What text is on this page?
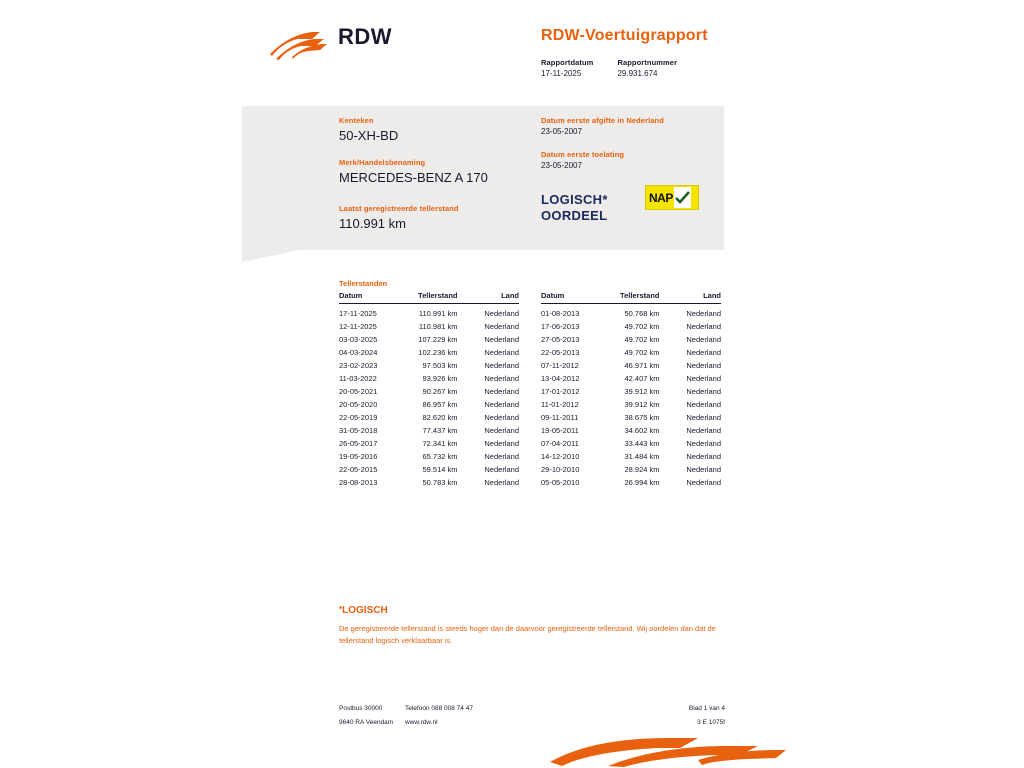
RDW	RDW-Voertuigrapport
Rapportdatum
17-11-2025
Rapportnummer
29.931.674
Kenteken
50-XH-BD
Merk/Handelsbenaming
MERCEDES-BENZ A 170
Laatst geregistreerde tellerstand
110.991 km
Datum eerste afgifte in Nederland
23-05-2007
Datum eerste toelating
23-05-2007
LOGISCH*
OORDEEL
NAP
Tellerstanden
Datum	Tellerstand	Land
17-11-2025	110.991 km	Nederland
12-11-2025	110.981 km	Nederland
03-03-2025	107.229 km	Nederland
04-03-2024	102.236 km	Nederland
23-02-2023	97.503 km	Nederland
11-03-2022	93.926 km	Nederland
20-05-2021	90.267 km	Nederland
20-05-2020	86.957 km	Nederland
22-05-2019	82.620 km	Nederland
31-05-2018	77.437 km	Nederland
26-05-2017	72.341 km	Nederland
19-05-2016	65.732 km	Nederland
22-05-2015	59.514 km	Nederland
28-08-2013	50.783 km	Nederland
Datum	Tellerstand	Land
01-08-2013	50.768 km	Nederland
17-06-2013	49.702 km	Nederland
27-05-2013	49.702 km	Nederland
22-05-2013	49.702 km	Nederland
07-11-2012	46.971 km	Nederland
13-04-2012	42.407 km	Nederland
17-01-2012	39.912 km	Nederland
11-01-2012	39.912 km	Nederland
09-11-2011	38.675 km	Nederland
19-05-2011	34.602 km	Nederland
07-04-2011	33.443 km	Nederland
14-12-2010	31.484 km	Nederland
29-10-2010	28.924 km	Nederland
05-05-2010	26.994 km	Nederland
*LOGISCH
De geregistreerde tellerstand is steeds hoger dan de daarvoor geregistreerde tellerstand. Wij oordelen dan dat de tellerstand logisch verklaarbaar is.
Postbus 30000	Telefoon 088 008 74 47	Blad 1 van 4
9640 RA Veendam	www.rdw.nl	3 E 1075f
